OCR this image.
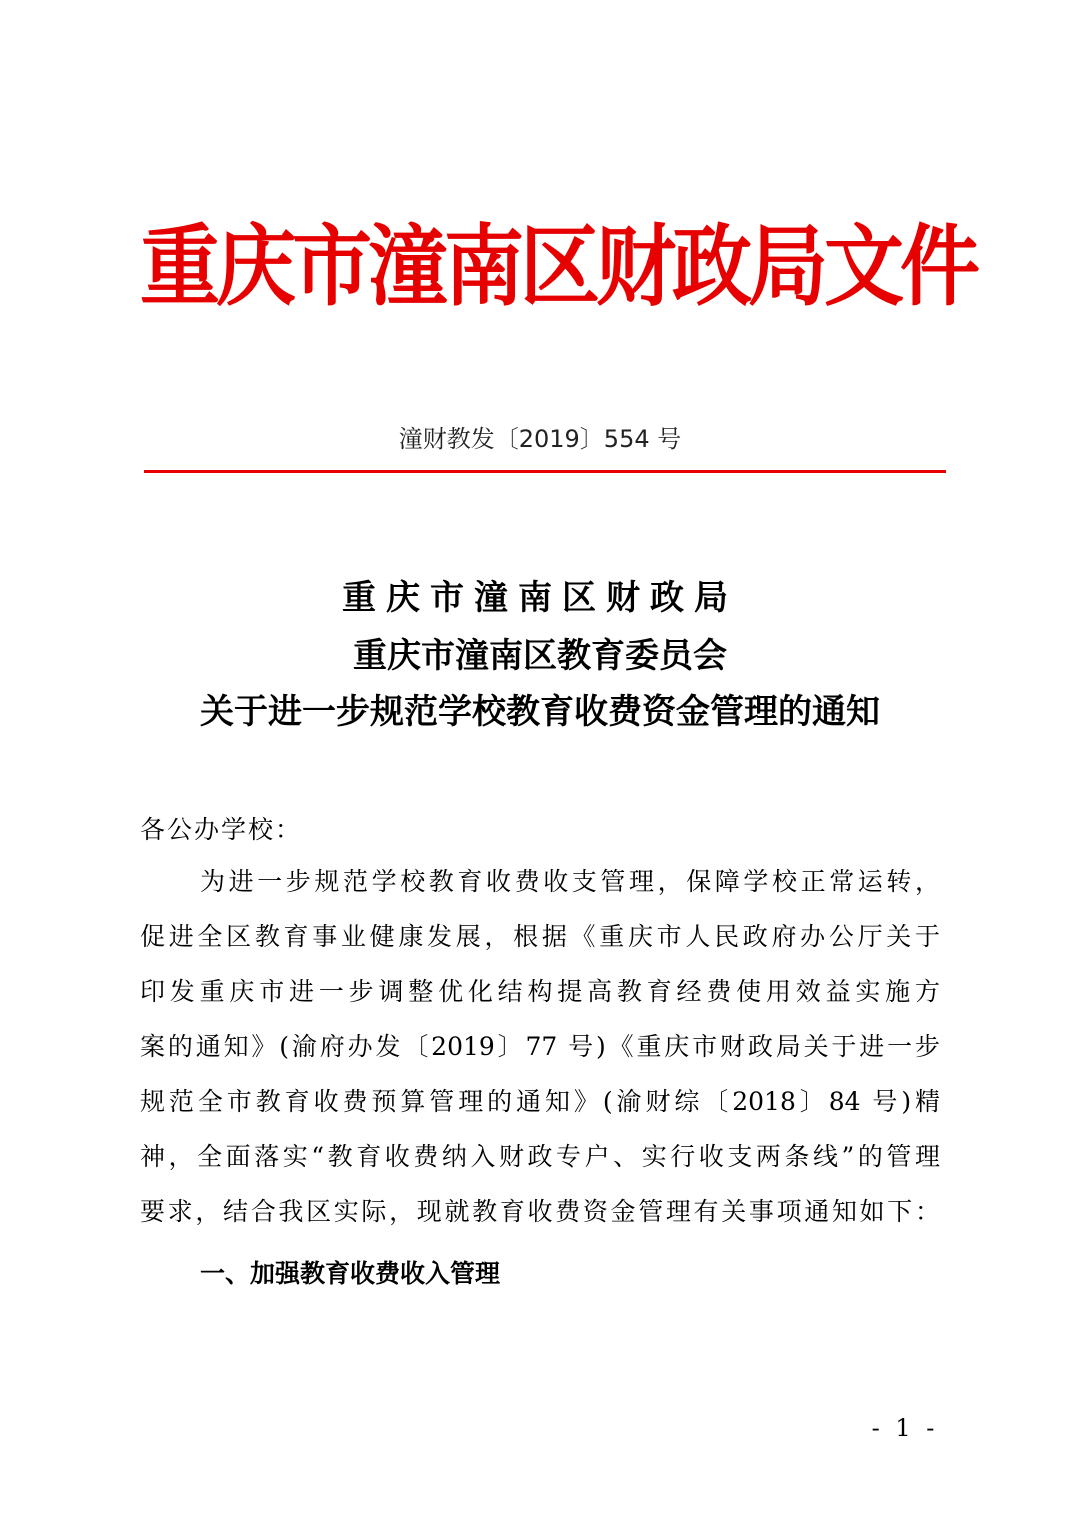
重庆市潼南区财政局文件
潼财教发〔2019〕554 号
重庆市潼南区财政局
重庆市潼南区教育委员会
关于进一步规范学校教育收费资金管理的通知
各公办学校：
为进一步规范学校教育收费收支管理，保障学校正常运转，
促进全区教育事业健康发展，根据《重庆市人民政府办公厅关于
印发重庆市进一步调整优化结构提高教育经费使用效益实施方
案的通知》(渝府办发〔2019〕77 号)《重庆市财政局关于进一步
规范全市教育收费预算管理的通知》(渝财综〔2018〕84 号)精
神，全面落实“教育收费纳入财政专户、实行收支两条线”的管理
要求，结合我区实际，现就教育收费资金管理有关事项通知如下：
一、加强教育收费收入管理
- 1 -
